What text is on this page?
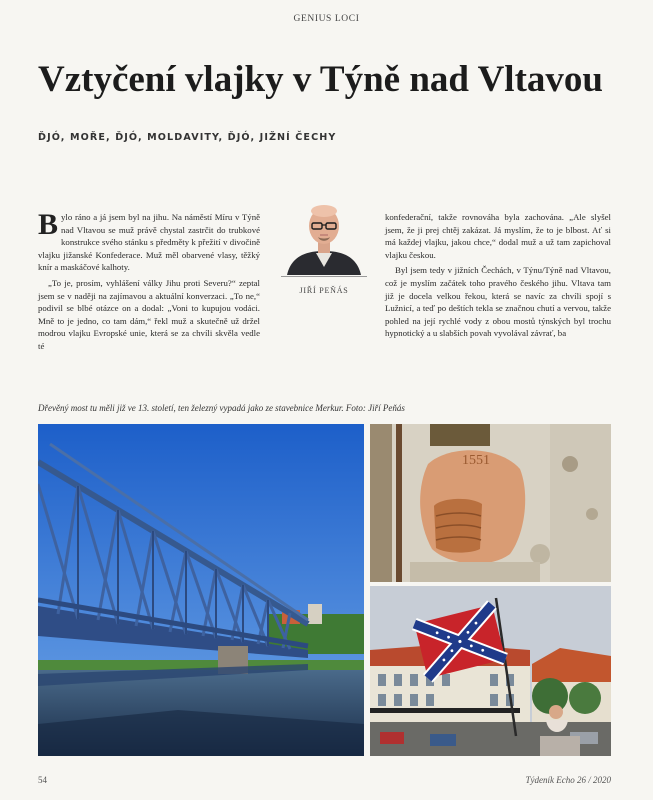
GENIUS LOCI
Vztyčení vlajky v Týně nad Vltavou
ĎJÓ, MOŘE, ĎJÓ, MOLDAVITY, ĎJÓ, JIŽNÍ ČECHY

Bylo ráno a já jsem byl na jihu. Na náměstí Míru v Týně nad Vltavou se muž právě chystal zastrčit do trubkové konstrukce svého stánku s předměty k přežití v divočině vlajku jižanské Konfederace. Muž měl obarvené vlasy, těžký knír a maskáčové kalhoty.

„To je, prosím, vyhlášení války Jihu proti Severu?“ zeptal jsem se v naději na zajímavou a aktuální konverzaci. „To ne,“ podivil se blbé otázce on a dodal: „Voni to kupujou vodáci. Mně to je jedno, co tam dám,“ řekl muž a skutečně už držel modrou vlajku Evropské unie, která se za chvíli skvěla vedle té

JIŘÍ PEŇÁS

konfederační, takže rovnováha byla zachována. „Ale slyšel jsem, že ji prej chtěj zakázat. Já myslím, že to je blbost. Ať si má každej vlajku, jakou chce,“ dodal muž a už tam zapichoval vlajku českou.

Byl jsem tedy v jižních Čechách, v Týnu/Týně nad Vltavou, což je myslím začátek toho pravého českého jihu. Vltava tam již je docela velkou řekou, která se navíc za chvíli spojí s Lužnicí, a teď po deštích tekla se značnou chutí a vervou, takže pohled na její rychlé vody z obou mostů týnských byl trochu hypnotický a u slabších povah vyvolával závrať, ba

Dřevěný most tu měli již ve 13. století, ten železný vypadá jako ze stavebnice Merkur. Foto: Jiří Peňás
1551
54	Týdeník Echo 26 / 2020
